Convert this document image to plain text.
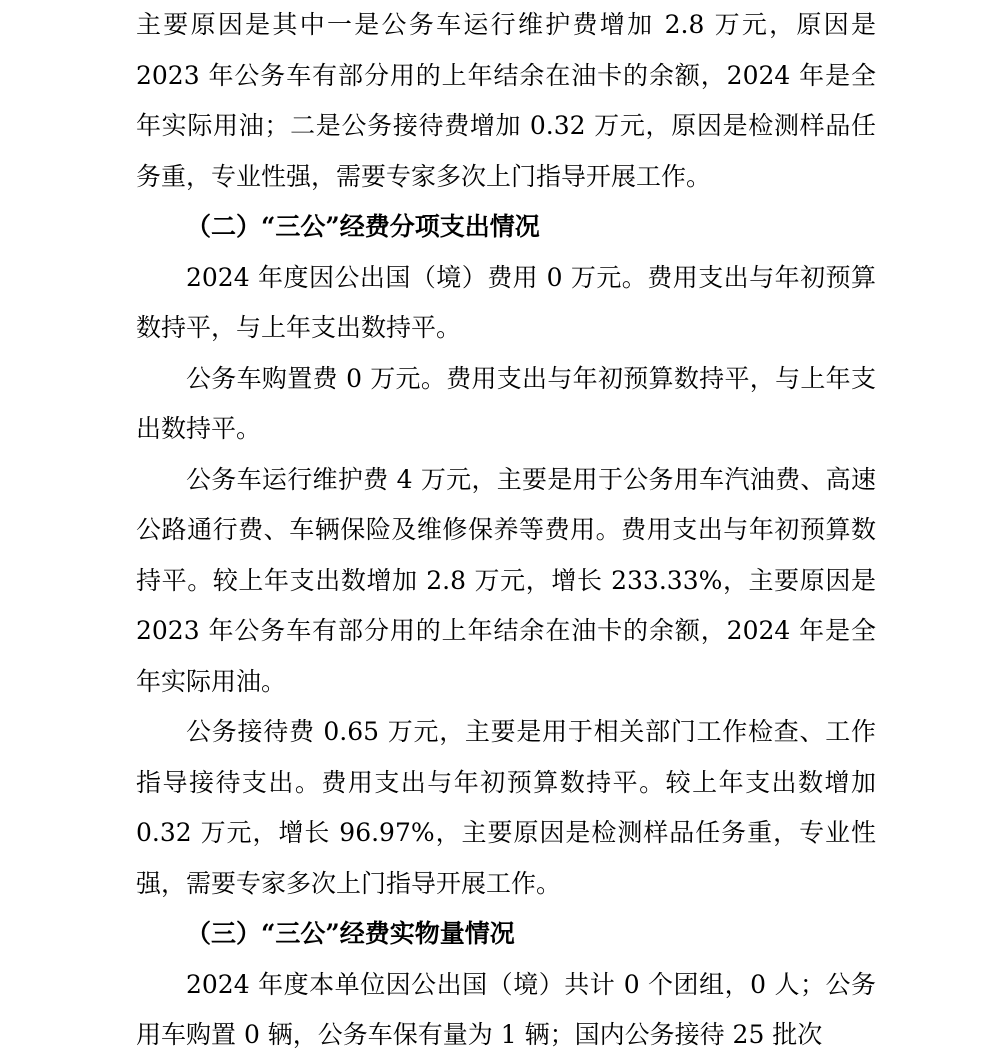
主要原因是其中一是公务车运行维护费增加 2.8 万元，原因是2023 年公务车有部分用的上年结余在油卡的余额，2024 年是全年实际用油；二是公务接待费增加 0.32 万元，原因是检测样品任务重，专业性强，需要专家多次上门指导开展工作。

（二）“三公”经费分项支出情况

2024 年度因公出国（境）费用 0 万元。费用支出与年初预算数持平，与上年支出数持平。

公务车购置费 0 万元。费用支出与年初预算数持平，与上年支出数持平。

公务车运行维护费 4 万元，主要是用于公务用车汽油费、高速公路通行费、车辆保险及维修保养等费用。费用支出与年初预算数持平。较上年支出数增加 2.8 万元，增长 233.33%，主要原因是 2023 年公务车有部分用的上年结余在油卡的余额，2024 年是全年实际用油。

公务接待费 0.65 万元，主要是用于相关部门工作检查、工作指导接待支出。费用支出与年初预算数持平。较上年支出数增加 0.32 万元，增长 96.97%，主要原因是检测样品任务重，专业性强，需要专家多次上门指导开展工作。

（三）“三公”经费实物量情况

2024 年度本单位因公出国（境）共计 0 个团组，0 人；公务用车购置 0 辆，公务车保有量为 1 辆；国内公务接待 25 批次
